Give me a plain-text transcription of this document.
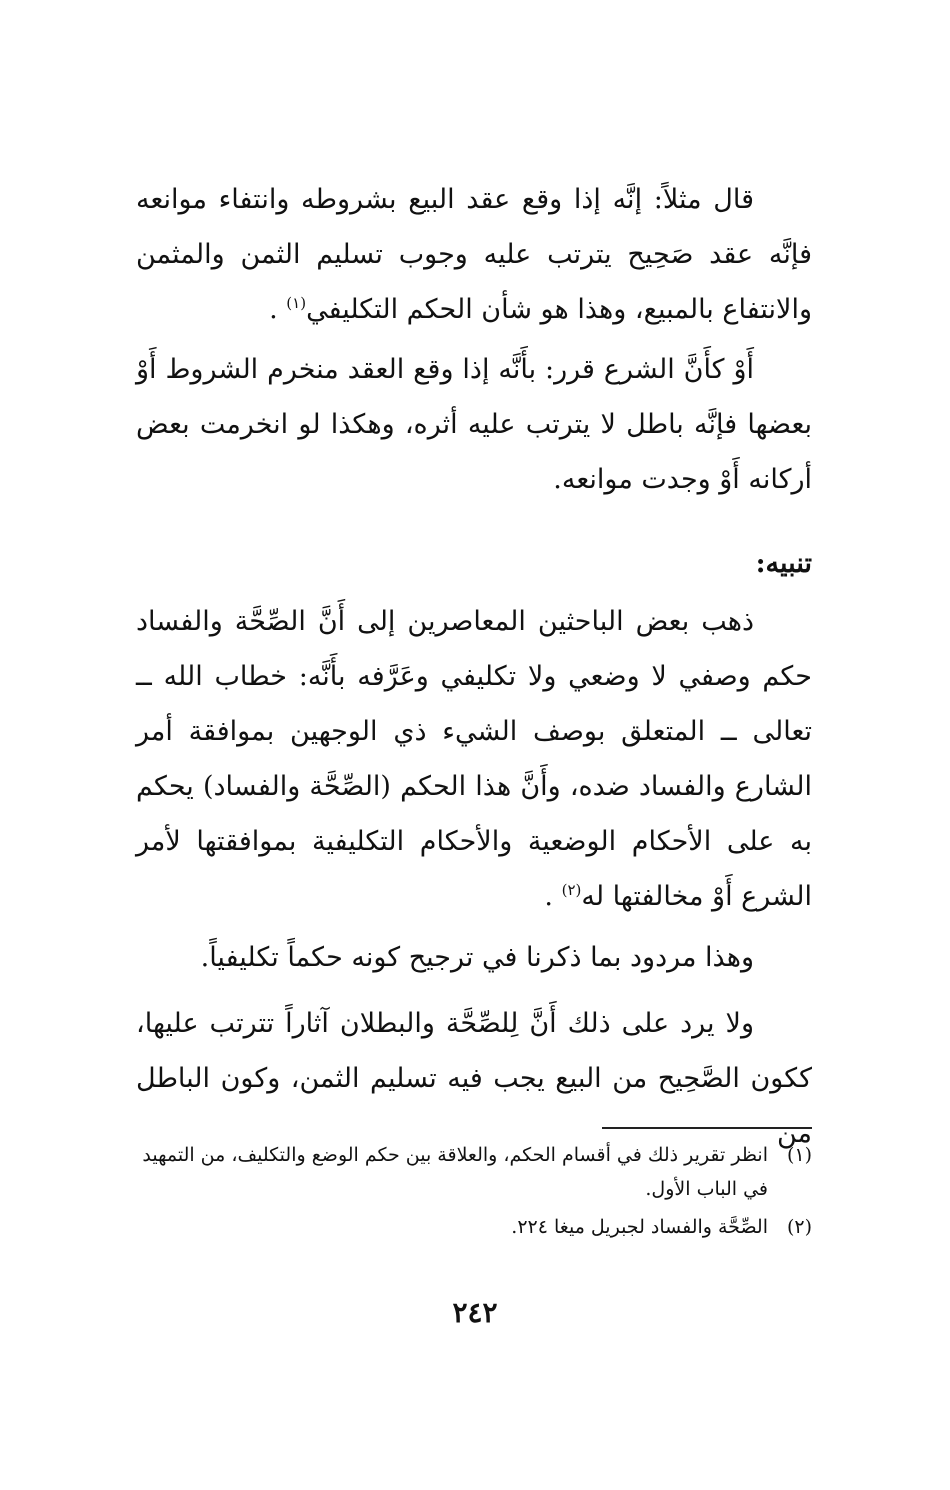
قال مثلاً: إنَّه إذا وقع عقد البيع بشروطه وانتفاء موانعه فإنَّه عقد صَحِيح يترتب عليه وجوب تسليم الثمن والمثمن والانتفاع بالمبيع، وهذا هو شأن الحكم التكليفي$^{(١)}$ .

أَوْ كأَنَّ الشرع قرر: بأَنَّه إذا وقع العقد منخرم الشروط أَوْ بعضها فإنَّه باطل لا يترتب عليه أثره، وهكذا لو انخرمت بعض أركانه أَوْ وجدت موانعه.

تنبيه:

ذهب بعض الباحثين المعاصرين إلى أَنَّ الصِّحَّة والفساد حكم وصفي لا وضعي ولا تكليفي وعَرَّفه بأَنَّه: خطاب الله ــ تعالى ــ المتعلق بوصف الشيء ذي الوجهين بموافقة أمر الشارع والفساد ضده، وأَنَّ هذا الحكم (الصِّحَّة والفساد) يحكم به على الأحكام الوضعية والأحكام التكليفية بموافقتها لأمر الشرع أَوْ مخالفتها له$^{(٢)}$ .

وهذا مردود بما ذكرنا في ترجيح كونه حكماً تكليفياً.

ولا يرد على ذلك أَنَّ لِلصِّحَّة والبطلان آثاراً تترتب عليها، ككون الصَّحِيح من البيع يجب فيه تسليم الثمن، وكون الباطل من

(١)
انظر تقرير ذلك في أقسام الحكم، والعلاقة بين حكم الوضع والتكليف، من التمهيد في الباب الأول.

(٢)
الصِّحَّة والفساد لجبريل ميغا ٢٢٤.

٢٤٢
